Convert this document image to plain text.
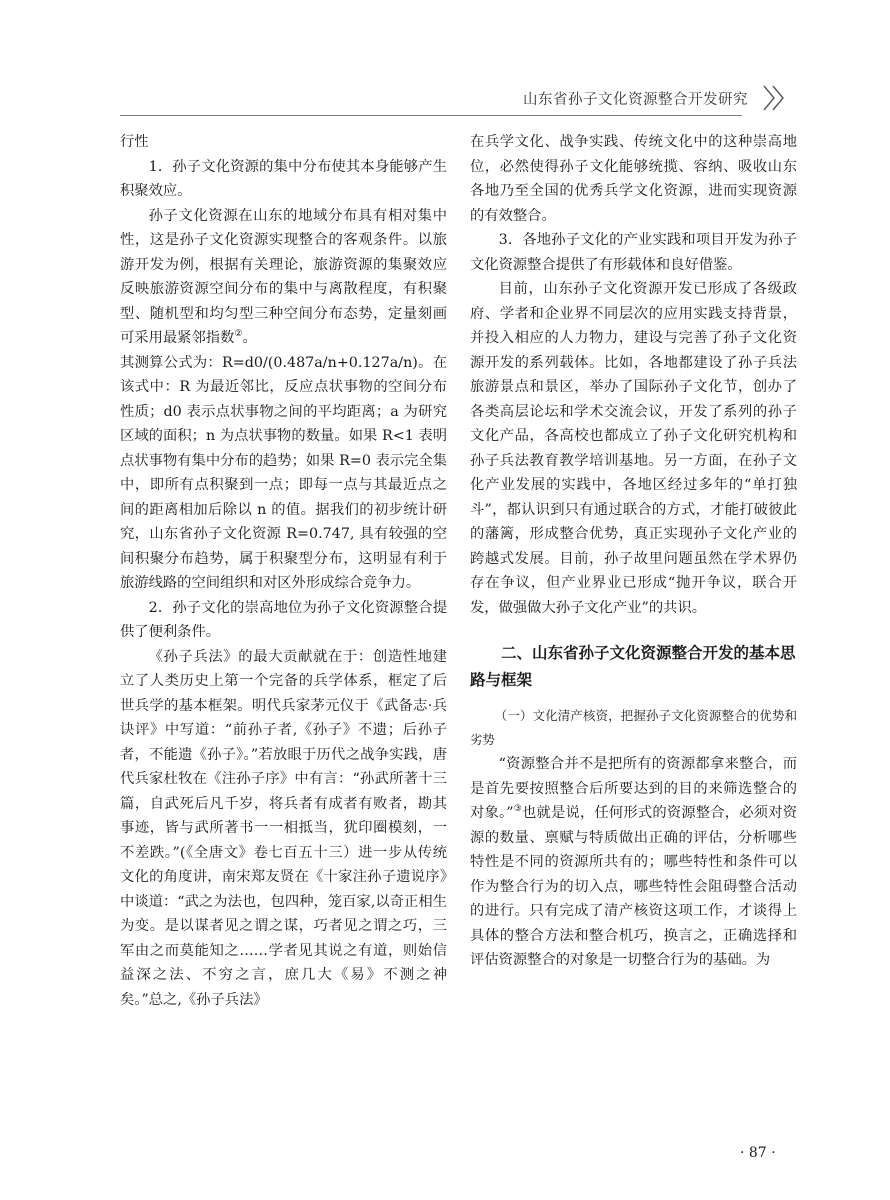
山东省孙子文化资源整合开发研究

行性

1．孙子文化资源的集中分布使其本身能够产生积聚效应。

孙子文化资源在山东的地域分布具有相对集中性，这是孙子文化资源实现整合的客观条件。以旅游开发为例，根据有关理论，旅游资源的集聚效应反映旅游资源空间分布的集中与离散程度，有积聚型、随机型和均匀型三种空间分布态势，定量刻画可采用最紧邻指数②。

其测算公式为：R=d0/(0.487a/n+0.127a/n)。在该式中：R 为最近邻比，反应点状事物的空间分布性质；d0 表示点状事物之间的平均距离；a 为研究区域的面积；n 为点状事物的数量。如果 R<1 表明点状事物有集中分布的趋势；如果 R=0 表示完全集中，即所有点积聚到一点；即每一点与其最近点之间的距离相加后除以 n 的值。据我们的初步统计研究，山东省孙子文化资源 R=0.747, 具有较强的空间积聚分布趋势，属于积聚型分布，这明显有利于旅游线路的空间组织和对区外形成综合竞争力。

2．孙子文化的崇高地位为孙子文化资源整合提供了便利条件。

《孙子兵法》的最大贡献就在于：创造性地建立了人类历史上第一个完备的兵学体系，框定了后世兵学的基本框架。明代兵家茅元仪于《武备志·兵诀评》中写道：“前孙子者,《孙子》不遗；后孙子者，不能遗《孙子》。”若放眼于历代之战争实践，唐代兵家杜牧在《注孙子序》中有言：“孙武所著十三篇，自武死后凡千岁，将兵者有成者有败者，勘其事迹，皆与武所著书一一相抵当，犹印圈模刻，一不差跌。”(《全唐文》卷七百五十三）进一步从传统文化的角度讲，南宋郑友贤在《十家注孙子遗说序》中谈道：“武之为法也，包四种，笼百家,以奇正相生为变。是以谋者见之谓之谋，巧者见之谓之巧，三军由之而莫能知之……学者见其说之有道，则始信益深之法、不穷之言，庶几大《易》不测之神矣。”总之,《孙子兵法》

在兵学文化、战争实践、传统文化中的这种崇高地位，必然使得孙子文化能够统揽、容纳、吸收山东各地乃至全国的优秀兵学文化资源，进而实现资源的有效整合。

3．各地孙子文化的产业实践和项目开发为孙子文化资源整合提供了有形载体和良好借鉴。

目前，山东孙子文化资源开发已形成了各级政府、学者和企业界不同层次的应用实践支持背景，并投入相应的人力物力，建设与完善了孙子文化资源开发的系列载体。比如，各地都建设了孙子兵法旅游景点和景区，举办了国际孙子文化节，创办了各类高层论坛和学术交流会议，开发了系列的孙子文化产品，各高校也都成立了孙子文化研究机构和孙子兵法教育教学培训基地。另一方面，在孙子文化产业发展的实践中，各地区经过多年的“单打独斗”，都认识到只有通过联合的方式，才能打破彼此的藩篱，形成整合优势，真正实现孙子文化产业的跨越式发展。目前，孙子故里问题虽然在学术界仍存在争议，但产业界业已形成“抛开争议，联合开发，做强做大孙子文化产业”的共识。

二、山东省孙子文化资源整合开发的基本思路与框架

（一）文化清产核资，把握孙子文化资源整合的优势和劣势

“资源整合并不是把所有的资源都拿来整合，而是首先要按照整合后所要达到的目的来筛选整合的对象。”③也就是说，任何形式的资源整合，必须对资源的数量、禀赋与特质做出正确的评估，分析哪些特性是不同的资源所共有的；哪些特性和条件可以作为整合行为的切入点，哪些特性会阻碍整合活动的进行。只有完成了清产核资这项工作，才谈得上具体的整合方法和整合机巧，换言之，正确选择和评估资源整合的对象是一切整合行为的基础。为

· 87 ·
